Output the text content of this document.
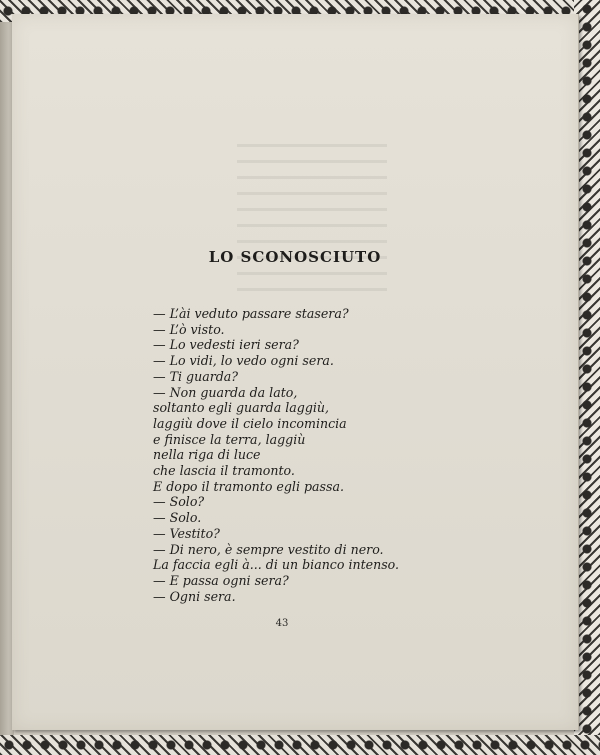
LO SCONOSCIUTO
— L’ài veduto passare stasera?
— L’ò visto.
— Lo vedesti ieri sera?
— Lo vidi, lo vedo ogni sera.
— Ti guarda?
— Non guarda da lato,
soltanto egli guarda laggiù,
laggiù dove il cielo incomincia
e finisce la terra, laggiù
nella riga di luce
che lascia il tramonto.
E dopo il tramonto egli passa.
— Solo?
— Solo.
— Vestito?
— Di nero, è sempre vestito di nero.
La faccia egli à... di un bianco intenso.
— E passa ogni sera?
— Ogni sera.
43
